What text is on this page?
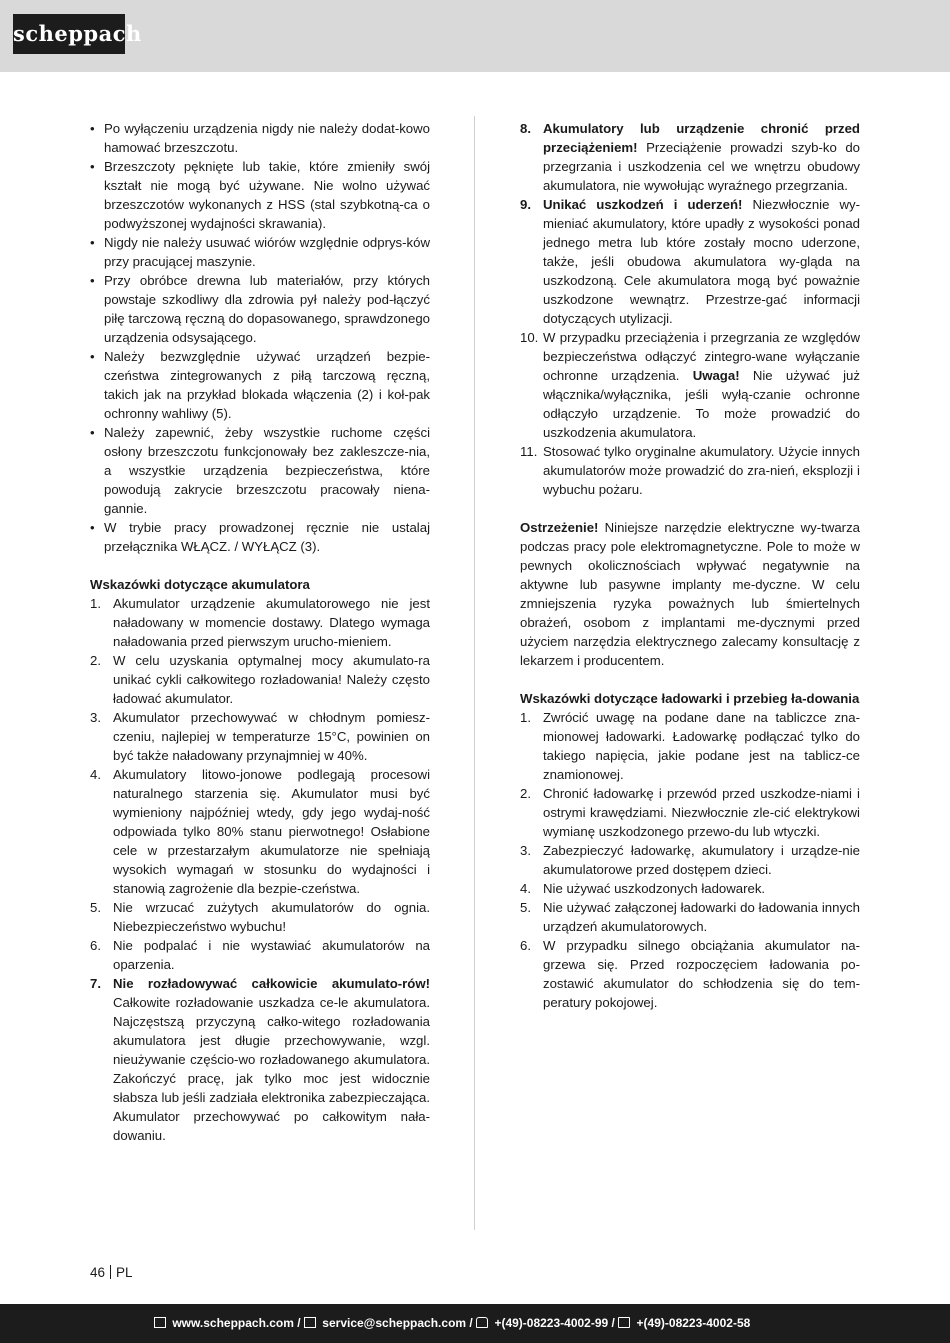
scheppach
• Po wyłączeniu urządzenia nigdy nie należy dodat-kowo hamować brzeszczotu.
• Brzeszczoty pęknięte lub takie, które zmieniły swój kształt nie mogą być używane. Nie wolno używać brzeszczotów wykonanych z HSS (stal szybkotną-ca o podwyższonej wydajności skrawania).
• Nigdy nie należy usuwać wiórów względnie odprys-ków przy pracującej maszynie.
• Przy obróbce drewna lub materiałów, przy których powstaje szkodliwy dla zdrowia pył należy pod-łączyć piłę tarczową ręczną do dopasowanego, sprawdzonego urządzenia odsysającego.
• Należy bezwzględnie używać urządzeń bezpie-czeństwa zintegrowanych z piłą tarczową ręczną, takich jak na przykład blokada włączenia (2) i koł-pak ochronny wahliwy (5).
• Należy zapewnić, żeby wszystkie ruchome części osłony brzeszczotu funkcjonowały bez zakleszcze-nia, a wszystkie urządzenia bezpieczeństwa, które powodują zakrycie brzeszczotu pracowały niena-gannie.
• W trybie pracy prowadzonej ręcznie nie ustalaj przełącznika WŁĄCZ. / WYŁĄCZ (3).

Wskazówki dotyczące akumulatora

1. Akumulator urządzenie akumulatorowego nie jest naładowany w momencie dostawy. Dlatego wymaga naładowania przed pierwszym urucho-mieniem.
2. W celu uzyskania optymalnej mocy akumulato-ra unikać cykli całkowitego rozładowania! Należy często ładować akumulator.
3. Akumulator przechowywać w chłodnym pomiesz-czeniu, najlepiej w temperaturze 15°C, powinien on być także naładowany przynajmniej w 40%.
4. Akumulatory litowo-jonowe podlegają procesowi naturalnego starzenia się. Akumulator musi być wymieniony najpóźniej wtedy, gdy jego wydaj-ność odpowiada tylko 80% stanu pierwotnego! Osłabione cele w przestarzałym akumulatorze nie spełniają wysokich wymagań w stosunku do wydajności i stanowią zagrożenie dla bezpie-czeństwa.
5. Nie wrzucać zużytych akumulatorów do ognia. Niebezpieczeństwo wybuchu!
6. Nie podpalać i nie wystawiać akumulatorów na oparzenia.
7. Nie rozładowywać całkowicie akumulato-rów! Całkowite rozładowanie uszkadza ce-le akumulatora. Najczęstszą przyczyną całko-witego rozładowania akumulatora jest długie przechowywanie, wzgl. nieużywanie częścio-wo rozładowanego akumulatora. Zakończyć pracę, jak tylko moc jest widocznie słabsza lub jeśli zadziała elektronika zabezpieczająca. Akumulator przechowywać po całkowitym nała-dowaniu.
8. Akumulatory lub urządzenie chronić przed przeciążeniem! Przeciążenie prowadzi szyb-ko do przegrzania i uszkodzenia cel we wnętrzu obudowy akumulatora, nie wywołując wyraźnego przegrzania.
9. Unikać uszkodzeń i uderzeń! Niezwłocznie wy-mieniać akumulatory, które upadły z wysokości ponad jednego metra lub które zostały mocno uderzone, także, jeśli obudowa akumulatora wy-gląda na uszkodzoną. Cele akumulatora mogą być poważnie uszkodzone wewnątrz. Przestrze-gać informacji dotyczących utylizacji.
10. W przypadku przeciążenia i przegrzania ze względów bezpieczeństwa odłączyć zintegro-wane wyłączanie ochronne urządzenia. Uwaga! Nie używać już włącznika/wyłącznika, jeśli wyłą-czanie ochronne odłączyło urządzenie. To może prowadzić do uszkodzenia akumulatora.
11. Stosować tylko oryginalne akumulatory. Użycie innych akumulatorów może prowadzić do zra-nień, eksplozji i wybuchu pożaru.

Ostrzeżenie! Niniejsze narzędzie elektryczne wy-twarza podczas pracy pole elektromagnetyczne. Pole to może w pewnych okolicznościach wpływać negatywnie na aktywne lub pasywne implanty me-dyczne. W celu zmniejszenia ryzyka poważnych lub śmiertelnych obrażeń, osobom z implantami me-dycznymi przed użyciem narzędzia elektrycznego zalecamy konsultację z lekarzem i producentem.

Wskazówki dotyczące ładowarki i przebieg ła-dowania

1. Zwrócić uwagę na podane dane na tabliczce zna-mionowej ładowarki. Ładowarkę podłączać tylko do takiego napięcia, jakie podane jest na tablicz-ce znamionowej.
2. Chronić ładowarkę i przewód przed uszkodze-niami i ostrymi krawędziami. Niezwłocznie zle-cić elektrykowi wymianę uszkodzonego przewo-du lub wtyczki.
3. Zabezpieczyć ładowarkę, akumulatory i urządze-nie akumulatorowe przed dostępem dzieci.
4. Nie używać uszkodzonych ładowarek.
5. Nie używać załączonej ładowarki do ładowania innych urządzeń akumulatorowych.
6. W przypadku silnego obciążania akumulator na-grzewa się. Przed rozpoczęciem ładowania po-zostawić akumulator do schłodzenia się do tem-peratury pokojowej.
46 PL
www.scheppach.com / service@scheppach.com / +(49)-08223-4002-99 / +(49)-08223-4002-58
